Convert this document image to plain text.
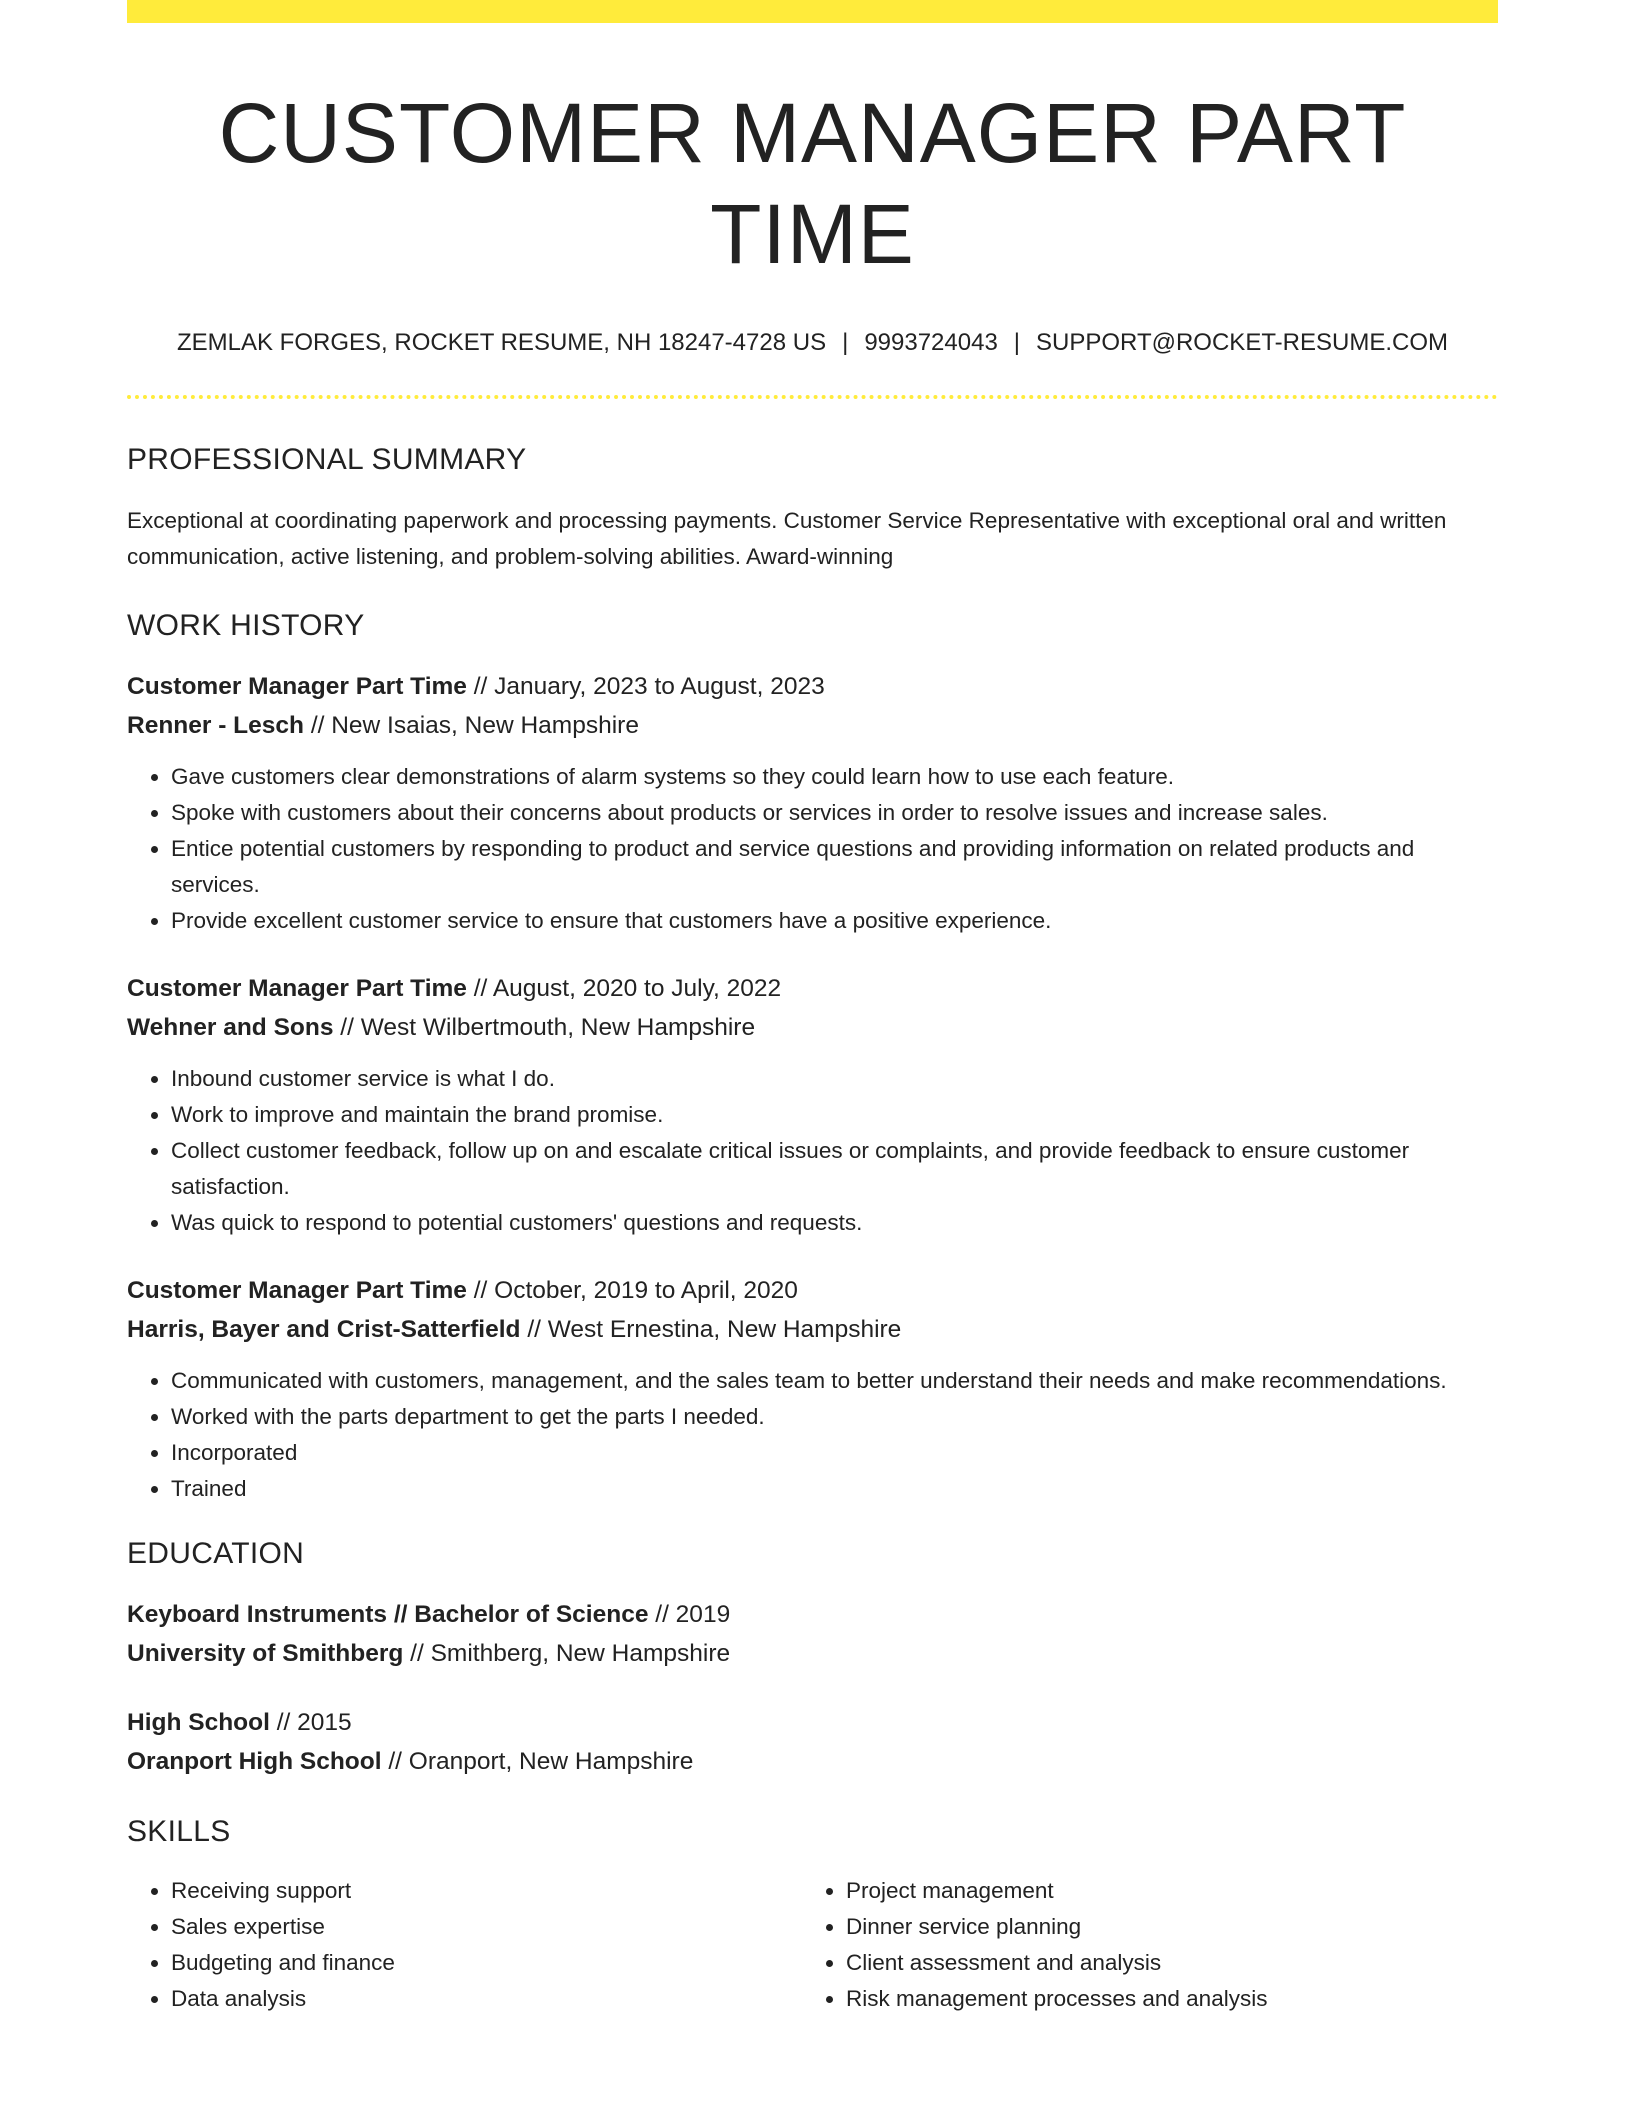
CUSTOMER MANAGER PART TIME
ZEMLAK FORGES, ROCKET RESUME, NH 18247-4728 US | 9993724043 | SUPPORT@ROCKET-RESUME.COM
PROFESSIONAL SUMMARY
Exceptional at coordinating paperwork and processing payments. Customer Service Representative with exceptional oral and written communication, active listening, and problem-solving abilities. Award-winning
WORK HISTORY
Customer Manager Part Time // January, 2023 to August, 2023
Renner - Lesch // New Isaias, New Hampshire
• Gave customers clear demonstrations of alarm systems so they could learn how to use each feature.
• Spoke with customers about their concerns about products or services in order to resolve issues and increase sales.
• Entice potential customers by responding to product and service questions and providing information on related products and services.
• Provide excellent customer service to ensure that customers have a positive experience.
Customer Manager Part Time // August, 2020 to July, 2022
Wehner and Sons // West Wilbertmouth, New Hampshire
• Inbound customer service is what I do.
• Work to improve and maintain the brand promise.
• Collect customer feedback, follow up on and escalate critical issues or complaints, and provide feedback to ensure customer satisfaction.
• Was quick to respond to potential customers' questions and requests.
Customer Manager Part Time // October, 2019 to April, 2020
Harris, Bayer and Crist-Satterfield // West Ernestina, New Hampshire
• Communicated with customers, management, and the sales team to better understand their needs and make recommendations.
• Worked with the parts department to get the parts I needed.
• Incorporated
• Trained
EDUCATION
Keyboard Instruments // Bachelor of Science // 2019
University of Smithberg // Smithberg, New Hampshire
High School // 2015
Oranport High School // Oranport, New Hampshire
SKILLS
• Receiving support
• Sales expertise
• Budgeting and finance
• Data analysis
• Project management
• Dinner service planning
• Client assessment and analysis
• Risk management processes and analysis
